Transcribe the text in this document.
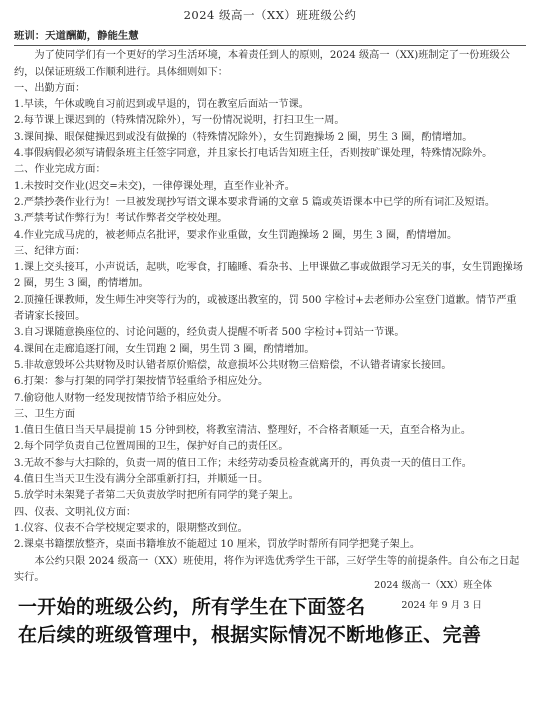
2024 级高一（XX）班班级公约
班训：天道酬勤，静能生慧

为了使同学们有一个更好的学习生活环境，本着责任到人的原则，2024 级高一（XX)班制定了一份班级公约，以保证班级工作顺利进行。具体细则如下：

一、出勤方面：

1.早读，午休或晚自习前迟到或早退的，罚在教室后面站一节课。

2.每节课上课迟到的（特殊情况除外），写一份情况说明，打扫卫生一周。

3.课间操、眼保健操迟到或没有做操的（特殊情况除外），女生罚跑操场 2 圈，男生 3 圈，酌情增加。

4.事假病假必须写请假条班主任签字同意，并且家长打电话告知班主任，否则按旷课处理，特殊情况除外。

二、作业完成方面：

1.未按时交作业(迟交=未交)，一律停课处理，直至作业补齐。

2.严禁抄袭作业行为！一旦被发现抄写语文课本要求背诵的文章 5 篇或英语课本中已学的所有词汇及短语。

3.严禁考试作弊行为！考试作弊者交学校处理。

4.作业完成马虎的，被老师点名批评，要求作业重做，女生罚跑操场 2 圈，男生 3 圈，酌情增加。

三、纪律方面：

1.课上交头接耳，小声说话，起哄，吃零食，打瞌睡、看杂书、上甲课做乙事或做跟学习无关的事，女生罚跑操场 2 圈，男生 3 圈，酌情增加。

2.顶撞任课教师，发生师生冲突等行为的，或被逐出教室的，罚 500 字检讨+去老师办公室登门道歉。情节严重者请家长接回。

3.自习课随意换座位的、讨论问题的，经负责人提醒不听者 500 字检讨+罚站一节课。

4.课间在走廊追逐打闹，女生罚跑 2 圈，男生罚 3 圈，酌情增加。

5.非故意毁坏公共财物及时认错者原价赔偿，故意损坏公共财物三倍赔偿，不认错者请家长接回。

6.打架：参与打架的同学打架按情节轻重给予相应处分。

7.偷窃他人财物一经发现按情节给予相应处分。

三、卫生方面

1.值日生值日当天早晨提前 15 分钟到校，将教室清洁、整理好，不合格者顺延一天，直至合格为止。

2.每个同学负责自己位置周围的卫生，保护好自己的责任区。

3.无故不参与大扫除的，负责一周的值日工作；未经劳动委员检查就离开的，再负责一天的值日工作。

4.值日生当天卫生没有满分全部重新打扫，并顺延一日。

5.放学时未架凳子者第二天负责放学时把所有同学的凳子架上。

四、仪表、文明礼仪方面：

1.仪容、仪表不合学校规定要求的，限期整改到位。

2.课桌书籍摆放整齐，桌面书籍堆放不能超过 10 厘米，罚放学时帮所有同学把凳子架上。

本公约只限 2024 级高一（XX）班使用，将作为评选优秀学生干部，三好学生等的前提条件。自公布之日起实行。

2024 级高一（XX）班全体
2024 年 9 月 3 日
一开始的班级公约，所有学生在下面签名
在后续的班级管理中，根据实际情况不断地修正、完善
